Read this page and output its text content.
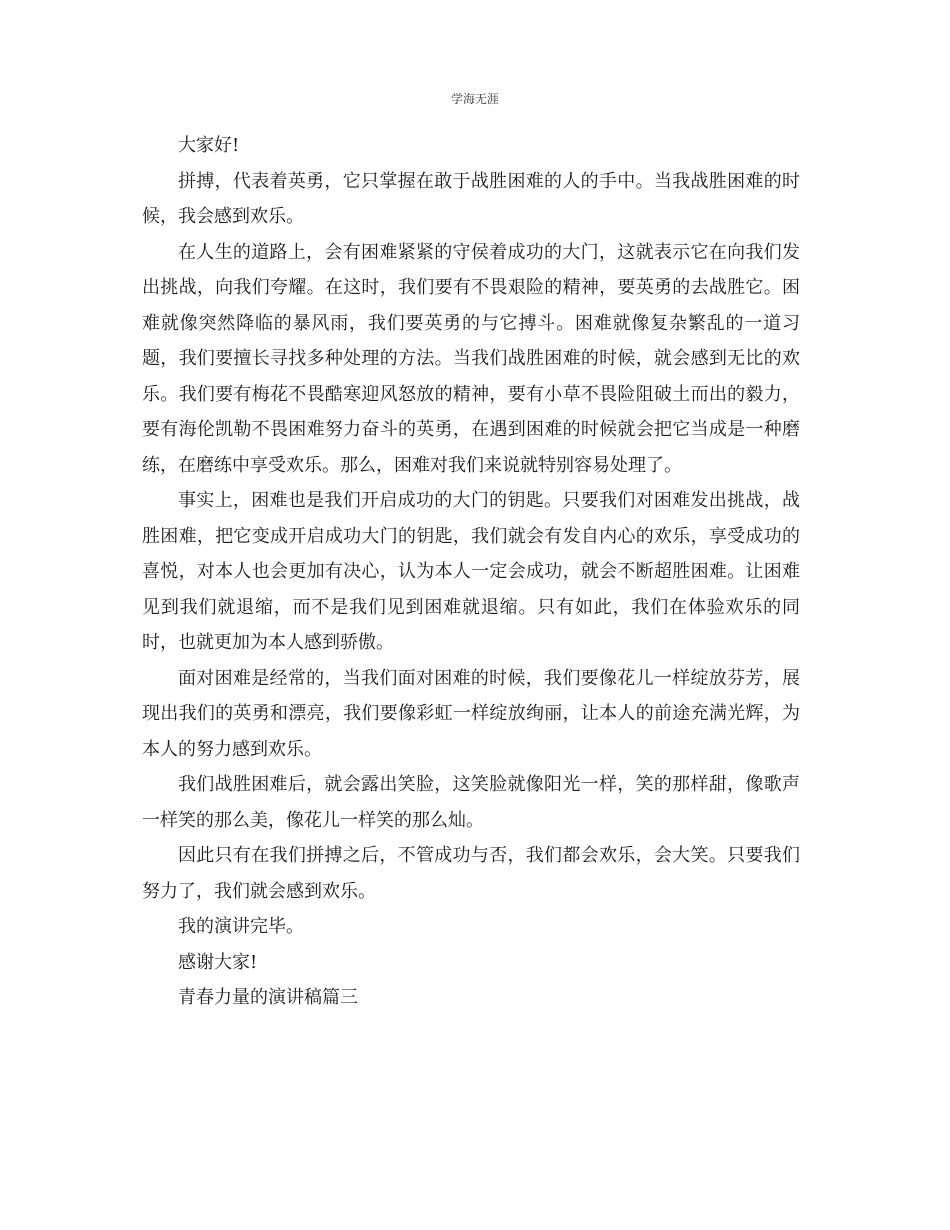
学海无涯

大家好!

拼搏，代表着英勇，它只掌握在敢于战胜困难的人的手中。当我战胜困难的时候，我会感到欢乐。

在人生的道路上，会有困难紧紧的守侯着成功的大门，这就表示它在向我们发出挑战，向我们夸耀。在这时，我们要有不畏艰险的精神，要英勇的去战胜它。困难就像突然降临的暴风雨，我们要英勇的与它搏斗。困难就像复杂繁乱的一道习题，我们要擅长寻找多种处理的方法。当我们战胜困难的时候，就会感到无比的欢乐。我们要有梅花不畏酷寒迎风怒放的精神，要有小草不畏险阻破土而出的毅力，要有海伦凯勒不畏困难努力奋斗的英勇，在遇到困难的时候就会把它当成是一种磨练，在磨练中享受欢乐。那么，困难对我们来说就特别容易处理了。

事实上，困难也是我们开启成功的大门的钥匙。只要我们对困难发出挑战，战胜困难，把它变成开启成功大门的钥匙，我们就会有发自内心的欢乐，享受成功的喜悦，对本人也会更加有决心，认为本人一定会成功，就会不断超胜困难。让困难见到我们就退缩，而不是我们见到困难就退缩。只有如此，我们在体验欢乐的同时，也就更加为本人感到骄傲。

面对困难是经常的，当我们面对困难的时候，我们要像花儿一样绽放芬芳，展现出我们的英勇和漂亮，我们要像彩虹一样绽放绚丽，让本人的前途充满光辉，为本人的努力感到欢乐。

我们战胜困难后，就会露出笑脸，这笑脸就像阳光一样，笑的那样甜，像歌声一样笑的那么美，像花儿一样笑的那么灿。

因此只有在我们拼搏之后，不管成功与否，我们都会欢乐，会大笑。只要我们努力了，我们就会感到欢乐。

我的演讲完毕。

感谢大家!

青春力量的演讲稿篇三
